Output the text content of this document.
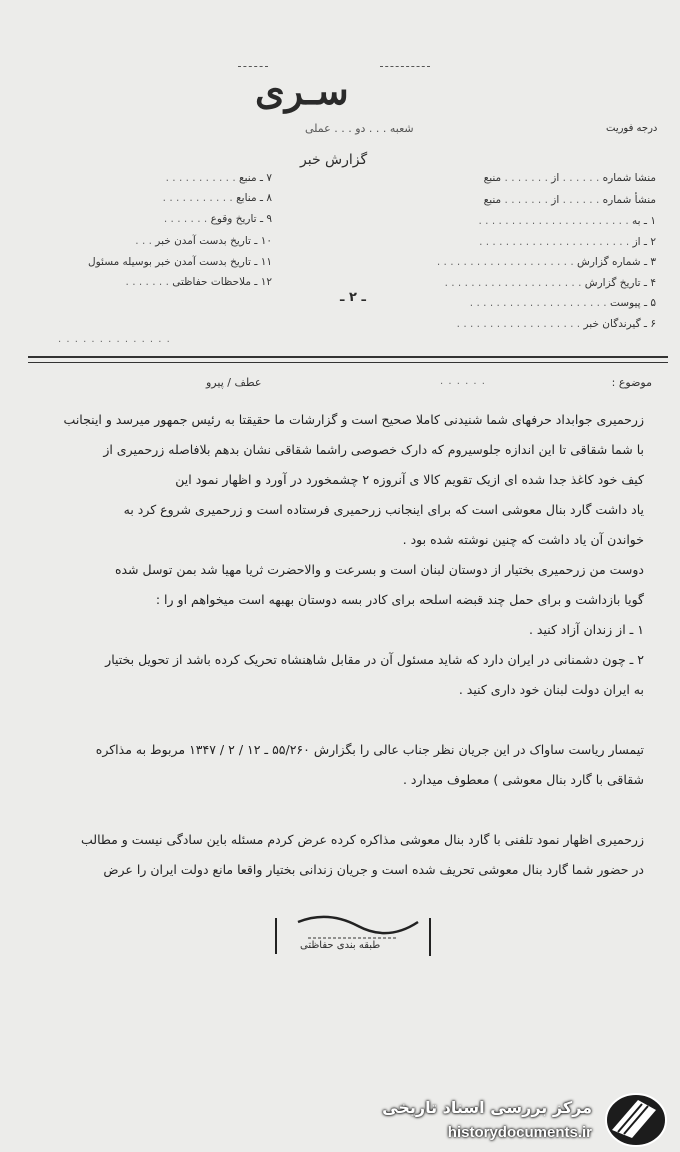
سـری
شعبه . . . دو . . . عملی	درجه فوریت
گزارش خبر
منشا شماره . . . . . . از . . . . . . . منبع
منشأ شماره . . . . . . از . . . . . . . منبع
۱ ـ به . . . . . . . . . . . . . . . . . . . . . . .
۲ ـ از . . . . . . . . . . . . . . . . . . . . . . .
۳ ـ شماره گزارش . . . . . . . . . . . . . . . . . . . . .
۴ ـ تاریخ گزارش . . . . . . . . . . . . . . . . . . . . .
۵ ـ پیوست . . . . . . . . . . . . . . . . . . . . .
۶ ـ گیرندگان خبر . . . . . . . . . . . . . . . . . . .
۷ ـ منبع . . . . . . . . . . .
۸ ـ منابع . . . . . . . . . . .
۹ ـ تاریخ وقوع . . . . . . .
۱۰ ـ تاریخ بدست آمدن خبر . . .
۱۱ ـ تاریخ بدست آمدن خبر بوسیله مسئول
۱۲ ـ ملاحظات حفاظتی . . . . . . .
ـ ۲ ـ
. . . . . . . . . . . . . .
موضوع :
عطف / پیرو	. . . . . .
زرحمیری جوابداد حرفهای شما شنیدنی کاملا صحیح است و گزارشات ما حقیقتا به رئیس جمهور میرسد و اینجانب
با شما شقاقی تا این اندازه جلوسیروم که دارک خصوصی راشما شقاقی نشان بدهم بلافاصله زرحمیری از
کیف خود کاغذ جدا شده ای ازیک تقویم کالا ی آنروزه ۲ چشمخورد در آورد و اظهار نمود این
یاد داشت گارد بنال معوشی است که برای اینجانب زرحمیری فرستاده است و زرحمیری شروع کرد به
خواندن آن یاد داشت که چنین نوشته شده بود .
دوست من زرحمیری بختیار از دوستان لبنان است و بسرعت و والاحضرت ثریا مهیا شد بمن توسل شده
گویا بازداشت و برای حمل چند قبضه اسلحه برای کادر بسه دوستان بهبهه است میخواهم او را :
۱ ـ از زندان آزاد کنید .
۲ ـ چون دشمنانی در ایران دارد که شاید مسئول آن در مقابل شاهنشاه تحریک کرده باشد از تحویل بختیار
به ایران دولت لبنان خود داری کنید .
تیمسار ریاست ساواک در این جریان نظر جناب عالی را بگزارش ۵۵/۲۶۰ ـ ۱۲ / ۲ / ۱۳۴۷ مربوط به مذاکره
شقاقی با گارد بنال معوشی ) معطوف میدارد .
زرحمیری اظهار نمود تلفنی با گارد بنال معوشی مذاکره کرده عرض کردم مسئله باین سادگی نیست و مطالب
در حضور شما گارد بنال معوشی تحریف شده است و جریان زندانی بختیار واقعا مانع دولت ایران را عرض
طبقه بندی حفاظتی
مرکز بررسی اسناد تاریخی
historydocuments.ir
